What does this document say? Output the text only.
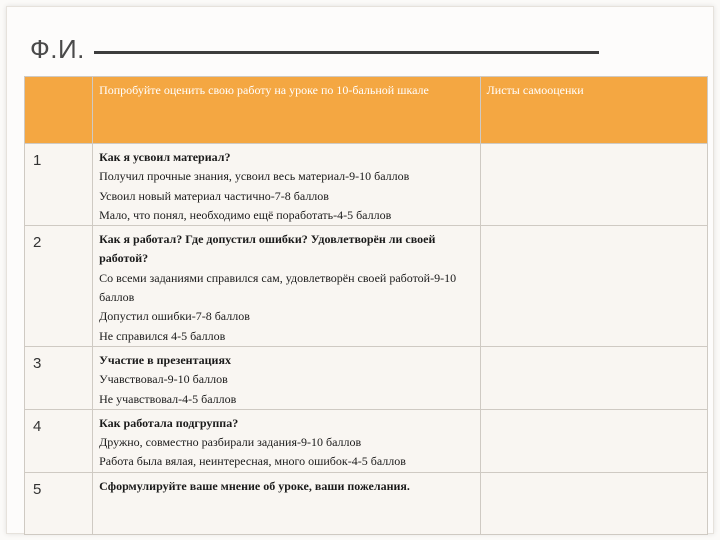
Ф.И.
	Попробуйте оценить свою работу на уроке по 10-бальной шкале	Листы самооценки
1	Как я усвоил материал?
Получил прочные знания, усвоил весь материал-9-10 баллов
Усвоил новый материал частично-7-8 баллов
Мало, что понял, необходимо ещё поработать-4-5 баллов	

2	Как я работал? Где допустил ошибки? Удовлетворён ли своей работой?
Со всеми заданиями справился сам, удовлетворён своей работой-9-10 баллов
Допустил ошибки-7-8 баллов
Не справился 4-5 баллов	

3	Участие в презентациях
Учавствовал-9-10 баллов
Не учавствовал-4-5 баллов	

4	Как работала подгруппа?
Дружно, совместно разбирали задания-9-10 баллов
Работа была вялая, неинтересная, много ошибок-4-5 баллов	

5	Сформулируйте ваше мнение об уроке, ваши пожелания.	
